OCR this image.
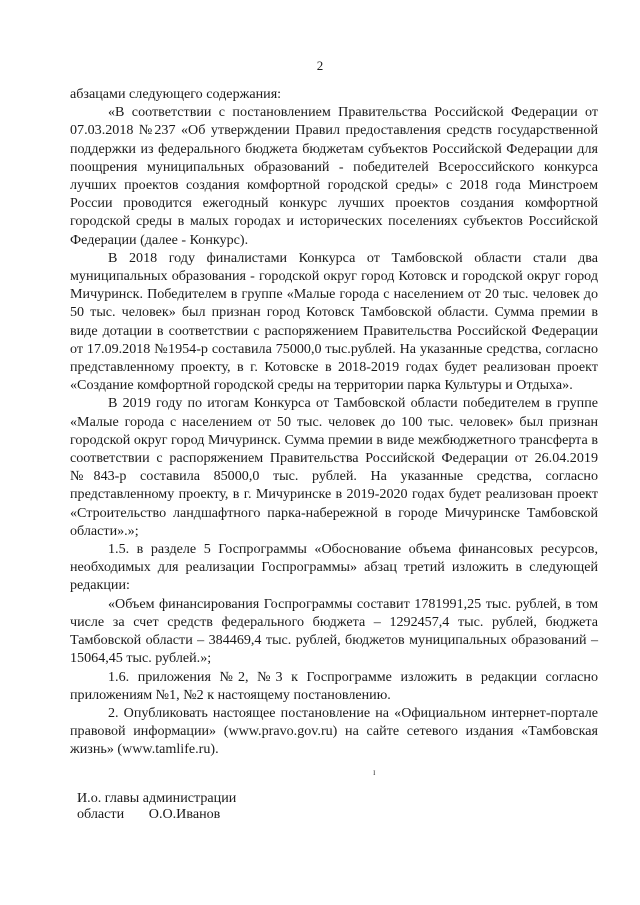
2

абзацами следующего содержания:

«В соответствии с постановлением Правительства Российской Федерации от 07.03.2018 №237 «Об утверждении Правил предоставления средств государственной поддержки из федерального бюджета бюджетам субъектов Российской Федерации для поощрения муниципальных образований - победителей Всероссийского конкурса лучших проектов создания комфортной городской среды» с 2018 года Минстроем России проводится ежегодный конкурс лучших проектов создания комфортной городской среды в малых городах и исторических поселениях субъектов Российской Федерации (далее - Конкурс).

В 2018 году финалистами Конкурса от Тамбовской области стали два муниципальных образования - городской округ город Котовск и городской округ город Мичуринск. Победителем в группе «Малые города с населением от 20 тыс. человек до 50 тыс. человек» был признан город Котовск Тамбовской области. Сумма премии в виде дотации в соответствии с распоряжением Правительства Российской Федерации от 17.09.2018 №1954-р составила 75000,0 тыс.рублей. На указанные средства, согласно представленному проекту, в г. Котовске в 2018-2019 годах будет реализован проект «Создание комфортной городской среды на территории парка Культуры и Отдыха».

В 2019 году по итогам Конкурса от Тамбовской области победителем в группе «Малые города с населением от 50 тыс. человек до 100 тыс. человек» был признан городской округ город Мичуринск. Сумма премии в виде межбюджетного трансферта в соответствии с распоряжением Правительства Российской Федерации от 26.04.2019 №843-р составила 85000,0 тыс. рублей. На указанные средства, согласно представленному проекту, в г. Мичуринске в 2019-2020 годах будет реализован проект «Строительство ландшафтного парка-набережной в городе Мичуринске Тамбовской области».»;

1.5. в разделе 5 Госпрограммы «Обоснование объема финансовых ресурсов, необходимых для реализации Госпрограммы» абзац третий изложить в следующей редакции:

«Объем финансирования Госпрограммы составит 1781991,25 тыс. рублей, в том числе за счет средств федерального бюджета – 1292457,4 тыс. рублей, бюджета Тамбовской области – 384469,4 тыс. рублей, бюджетов муниципальных образований – 15064,45 тыс. рублей.»;

1.6. приложения №2, №3 к Госпрограмме изложить в редакции согласно приложениям №1, №2 к настоящему постановлению.

2. Опубликовать настоящее постановление на «Официальном интернет-портале правовой информации» (www.pravo.gov.ru) на сайте сетевого издания «Тамбовская жизнь» (www.tamlife.ru).

ɪ
И.о. главы администрации
области       О.О.Иванов
